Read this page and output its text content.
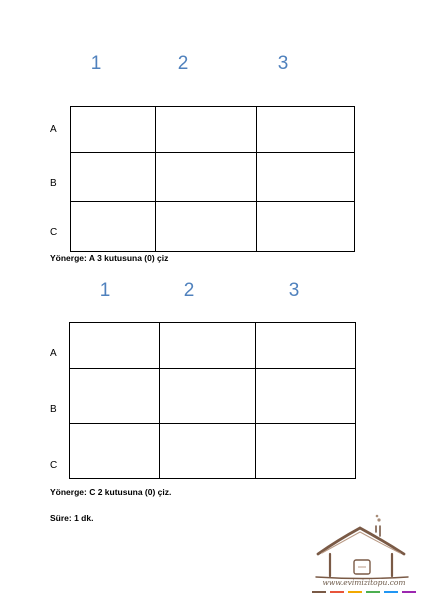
1	2	3
A
B
C

Yönerge: A 3 kutusuna (0) çiz
1	2	3
A
B
C

Yönerge: C 2 kutusuna (0) çiz.
Süre: 1 dk.
www.evimizitopu.com
